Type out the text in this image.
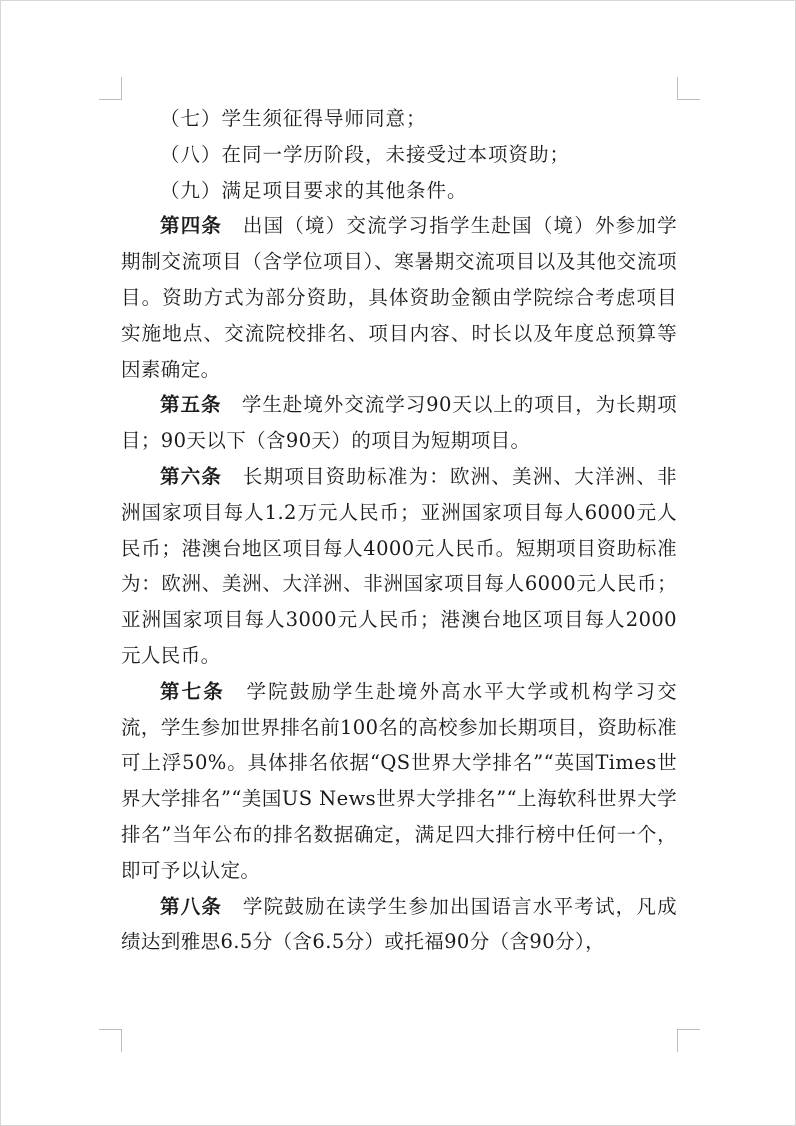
（七）学生须征得导师同意；

（八）在同一学历阶段，未接受过本项资助；

（九）满足项目要求的其他条件。

第四条　 出国（境）交流学习指学生赴国（境）外参加学期制交流项目（含学位项目）、寒暑期交流项目以及其他交流项目。资助方式为部分资助，具体资助金额由学院综合考虑项目实施地点、交流院校排名、项目内容、时长以及年度总预算等因素确定。

第五条　 学生赴境外交流学习90天以上的项目，为长期项目；90天以下（含90天）的项目为短期项目。

第六条　 长期项目资助标准为：欧洲、美洲、大洋洲、非洲国家项目每人1.2万元人民币；亚洲国家项目每人6000元人民币；港澳台地区项目每人4000元人民币。短期项目资助标准为：欧洲、美洲、大洋洲、非洲国家项目每人6000元人民币；亚洲国家项目每人3000元人民币；港澳台地区项目每人2000元人民币。

第七条　 学院鼓励学生赴境外高水平大学或机构学习交流，学生参加世界排名前100名的高校参加长期项目，资助标准可上浮50%。具体排名依据“QS世界大学排名”“英国Times世界大学排名”“美国US News世界大学排名”“上海软科世界大学排名”当年公布的排名数据确定，满足四大排行榜中任何一个，即可予以认定。

第八条　 学院鼓励在读学生参加出国语言水平考试，凡成绩达到雅思6.5分（含6.5分）或托福90分（含90分），
